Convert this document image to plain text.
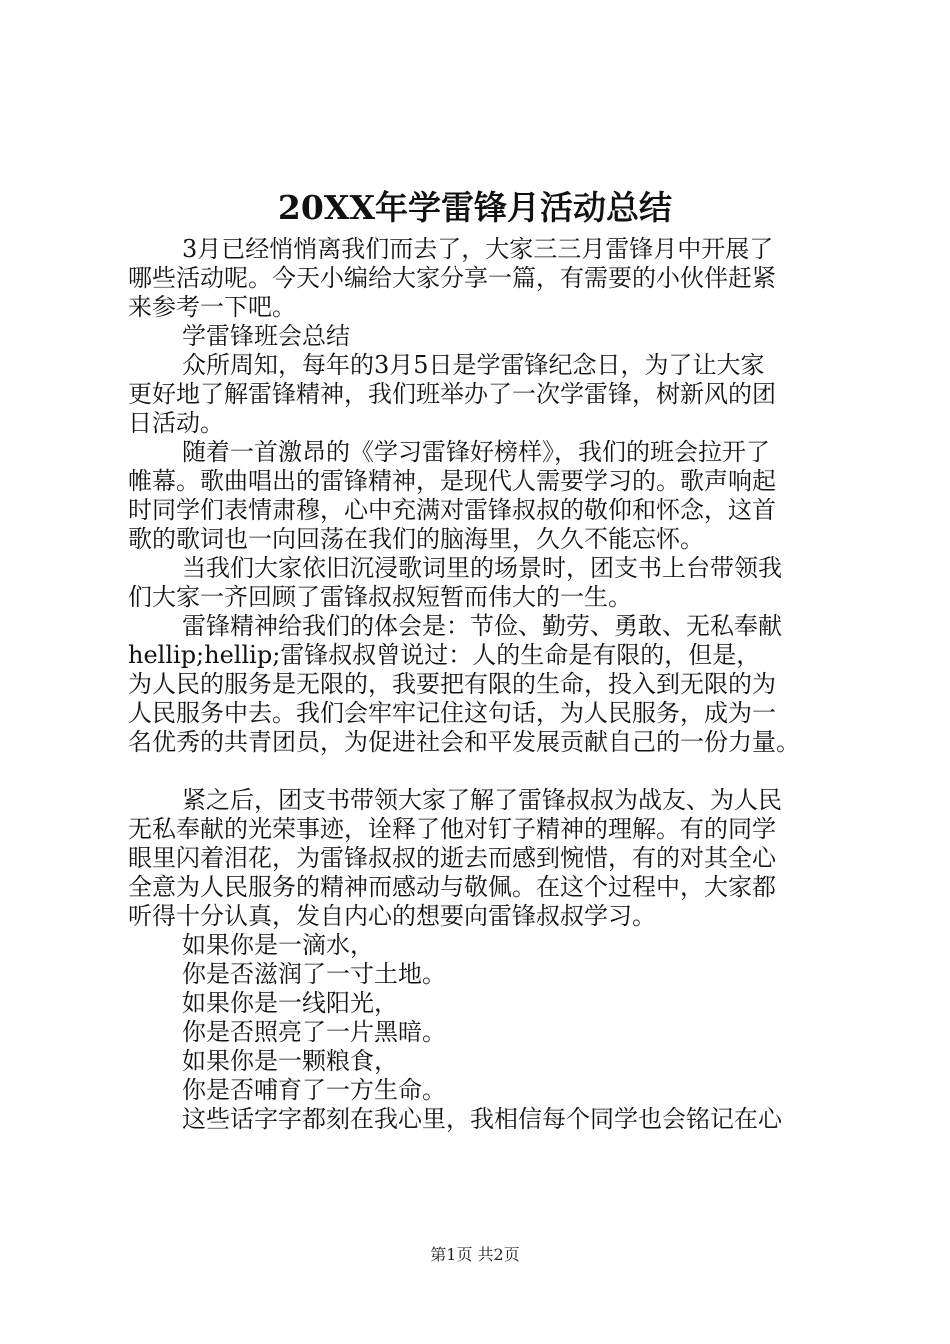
20XX年学雷锋月活动总结
3月已经悄悄离我们而去了，大家三三月雷锋月中开展了
哪些活动呢。今天小编给大家分享一篇，有需要的小伙伴赶紧
来参考一下吧。
学雷锋班会总结
众所周知，每年的3月5日是学雷锋纪念日，为了让大家
更好地了解雷锋精神，我们班举办了一次学雷锋，树新风的团
日活动。
随着一首激昂的《学习雷锋好榜样》，我们的班会拉开了
帷幕。歌曲唱出的雷锋精神，是现代人需要学习的。歌声响起
时同学们表情肃穆，心中充满对雷锋叔叔的敬仰和怀念，这首
歌的歌词也一向回荡在我们的脑海里，久久不能忘怀。
当我们大家依旧沉浸歌词里的场景时，团支书上台带领我
们大家一齐回顾了雷锋叔叔短暂而伟大的一生。
雷锋精神给我们的体会是：节俭、勤劳、勇敢、无私奉献
hellip;hellip;雷锋叔叔曾说过：人的生命是有限的，但是，
为人民的服务是无限的，我要把有限的生命，投入到无限的为
人民服务中去。我们会牢牢记住这句话，为人民服务，成为一
名优秀的共青团员，为促进社会和平发展贡献自己的一份力量。
紧之后，团支书带领大家了解了雷锋叔叔为战友、为人民
无私奉献的光荣事迹，诠释了他对钉子精神的理解。有的同学
眼里闪着泪花，为雷锋叔叔的逝去而感到惋惜，有的对其全心
全意为人民服务的精神而感动与敬佩。在这个过程中，大家都
听得十分认真，发自内心的想要向雷锋叔叔学习。
如果你是一滴水，
你是否滋润了一寸土地。
如果你是一线阳光，
你是否照亮了一片黑暗。
如果你是一颗粮食，
你是否哺育了一方生命。
这些话字字都刻在我心里，我相信每个同学也会铭记在心
第1页 共2页
